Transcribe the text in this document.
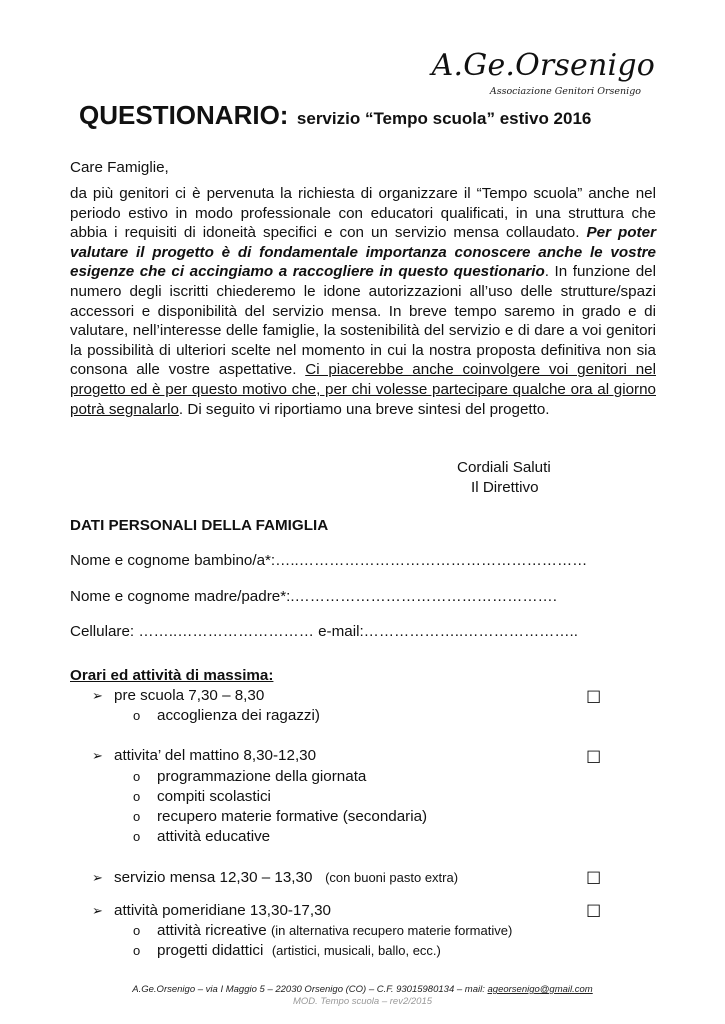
A.Ge.Orsenigo
Associazione Genitori Orsenigo
QUESTIONARIO: servizio “Tempo scuola” estivo 2016
Care Famiglie,
da più genitori ci è pervenuta la richiesta di organizzare il “Tempo scuola” anche nel periodo estivo in modo professionale con educatori qualificati, in una struttura che abbia i requisiti di idoneità specifici e con un servizio mensa collaudato. Per poter valutare il progetto è di fondamentale importanza conoscere anche le vostre esigenze che ci accingiamo a raccogliere in questo questionario. In funzione del numero degli iscritti chiederemo le idone autorizzazioni all’uso delle strutture/spazi accessori e disponibilità del servizio mensa. In breve tempo saremo in grado e di valutare, nell’interesse delle famiglie, la sostenibilità del servizio e di dare a voi genitori la possibilità di ulteriori scelte nel momento in cui la nostra proposta definitiva non sia consona alle vostre aspettative. Ci piacerebbe anche coinvolgere voi genitori nel progetto ed è per questo motivo che, per chi volesse partecipare qualche ora al giorno potrà segnalarlo. Di seguito vi riportiamo una breve sintesi del progetto.
Cordiali Saluti
Il Direttivo
DATI PERSONALI DELLA FAMIGLIA
Nome e cognome bambino/a*:…..…………………………………………………
Nome e cognome madre/padre*:.…………………………………………….
Cellulare: ……..……………………… e-mail:………………..…………………..
Orari ed attività di massima:
➢ pre scuola 7,30 – 8,30	☐
o accoglienza dei ragazzi)
➢ attivita’ del mattino 8,30-12,30	☐
o programmazione della giornata
o compiti scolastici
o recupero materie formative (secondaria)
o attività educative
➢ servizio mensa 12,30 – 13,30 (con buoni pasto extra)	☐
➢ attività pomeridiane 13,30-17,30	☐
o attività ricreative (in alternativa recupero materie formative)
o progetti didattici (artistici, musicali, ballo, ecc.)
A.Ge.Orsenigo – via I Maggio 5 – 22030 Orsenigo (CO) – C.F. 93015980134 – mail: ageorsenigo@gmail.com
MOD. Tempo scuola – rev2/2015
